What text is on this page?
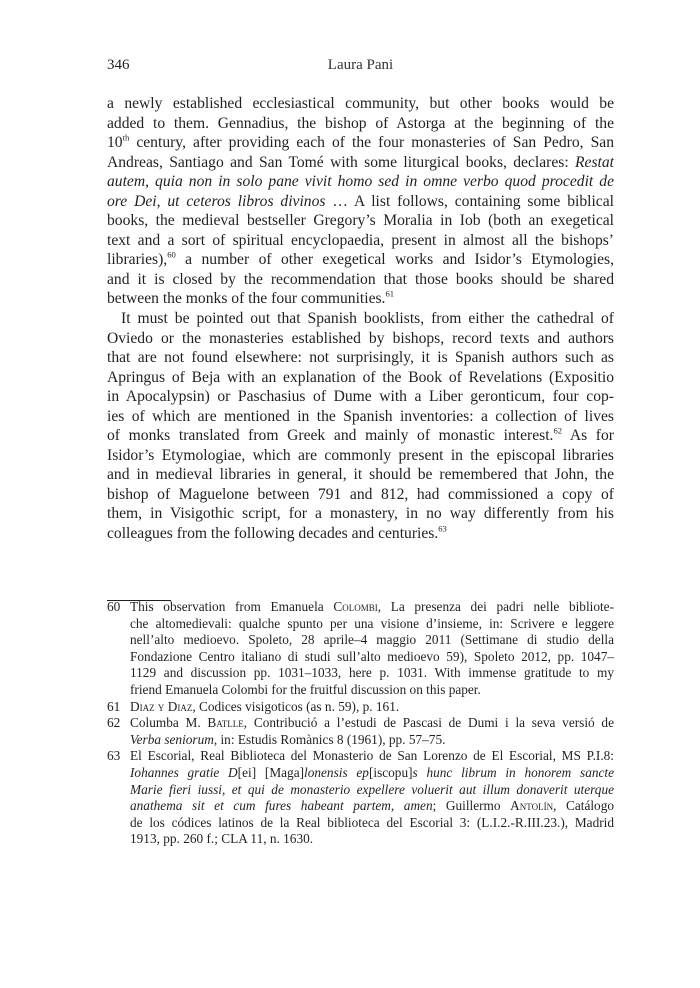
346	Laura Pani
a newly established ecclesiastical community, but other books would be
added to them. Gennadius, the bishop of Astorga at the beginning of the
10th century, after providing each of the four monasteries of San Pedro, San
Andreas, Santiago and San Tomé with some liturgical books, declares: Restat
autem, quia non in solo pane vivit homo sed in omne verbo quod procedit de
ore Dei, ut ceteros libros divinos … A list follows, containing some biblical
books, the medieval bestseller Gregory’s Moralia in Iob (both an exegetical
text and a sort of spiritual encyclopaedia, present in almost all the bishops’
libraries),$^{60}$ a number of other exegetical works and Isidor’s Etymologies,
and it is closed by the recommendation that those books should be shared
between the monks of the four communities.$^{61}$
It must be pointed out that Spanish booklists, from either the cathedral of
Oviedo or the monasteries established by bishops, record texts and authors
that are not found elsewhere: not surprisingly, it is Spanish authors such as
Apringus of Beja with an explanation of the Book of Revelations (Expositio
in Apocalypsin) or Paschasius of Dume with a Liber geronticum, four cop-
ies of which are mentioned in the Spanish inventories: a collection of lives
of monks translated from Greek and mainly of monastic interest.$^{62}$ As for
Isidor’s Etymologiae, which are commonly present in the episcopal libraries
and in medieval libraries in general, it should be remembered that John, the
bishop of Maguelone between 791 and 812, had commissioned a copy of
them, in Visigothic script, for a monastery, in no way differently from his
colleagues from the following decades and centuries.$^{63}$
60 This observation from Emanuela Colombi, La presenza dei padri nelle bibliote-
che altomedievali: qualche spunto per una visione d’insieme, in: Scrivere e leggere
nell’alto medioevo. Spoleto, 28 aprile–4 maggio 2011 (Settimane di studio della
Fondazione Centro italiano di studi sull’alto medioevo 59), Spoleto 2012, pp. 1047–
1129 and discussion pp. 1031–1033, here p. 1031. With immense gratitude to my
friend Emanuela Colombi for the fruitful discussion on this paper.
61 Diaz y Diaz, Codices visigoticos (as n. 59), p. 161.
62 Columba M. Batlle, Contribució a l’estudi de Pascasi de Dumi i la seva versió de
Verba seniorum, in: Estudis Romànics 8 (1961), pp. 57–75.
63 El Escorial, Real Biblioteca del Monasterio de San Lorenzo de El Escorial, MS P.I.8:
Iohannes gratie D[ei] [Maga]lonensis ep[iscopu]s hunc librum in honorem sancte
Marie fieri iussi, et qui de monasterio expellere voluerit aut illum donaverit uterque
anathema sit et cum fures habeant partem, amen; Guillermo Antolín, Catálogo
de los códices latinos de la Real biblioteca del Escorial 3: (L.I.2.-R.III.23.), Madrid
1913, pp. 260 f.; CLA 11, n. 1630.
